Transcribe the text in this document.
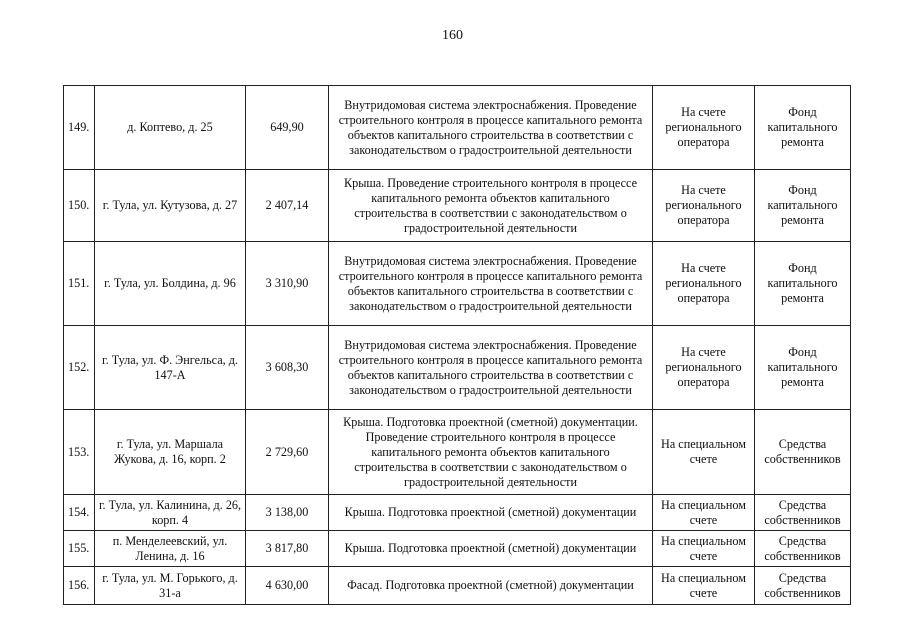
160
149.	д. Коптево, д. 25	649,90	Внутридомовая система электроснабжения. Проведение строительного контроля в процессе капитального ремонта объектов капитального строительства в соответствии с законодательством о градостроительной деятельности	На счете регионального оператора	Фонд капитального ремонта
150.	г. Тула, ул. Кутузова, д. 27	2 407,14	Крыша. Проведение строительного контроля в процессе капитального ремонта объектов капитального строительства в соответствии с законодательством о градостроительной деятельности	На счете регионального оператора	Фонд капитального ремонта
151.	г. Тула, ул. Болдина, д. 96	3 310,90	Внутридомовая система электроснабжения. Проведение строительного контроля в процессе капитального ремонта объектов капитального строительства в соответствии с законодательством о градостроительной деятельности	На счете регионального оператора	Фонд капитального ремонта
152.	г. Тула, ул. Ф. Энгельса, д. 147-А	3 608,30	Внутридомовая система электроснабжения. Проведение строительного контроля в процессе капитального ремонта объектов капитального строительства в соответствии с законодательством о градостроительной деятельности	На счете регионального оператора	Фонд капитального ремонта
153.	г. Тула, ул. Маршала Жукова, д. 16, корп. 2	2 729,60	Крыша. Подготовка проектной (сметной) документации. Проведение строительного контроля в процессе капитального ремонта объектов капитального строительства в соответствии с законодательством о градостроительной деятельности	На специальном счете	Средства собственников
154.	г. Тула, ул. Калинина, д. 26, корп. 4	3 138,00	Крыша. Подготовка проектной (сметной) документации	На специальном счете	Средства собственников
155.	п. Менделеевский, ул. Ленина, д. 16	3 817,80	Крыша. Подготовка проектной (сметной) документации	На специальном счете	Средства собственников
156.	г. Тула, ул. М. Горького, д. 31-а	4 630,00	Фасад. Подготовка проектной (сметной) документации	На специальном счете	Средства собственников
